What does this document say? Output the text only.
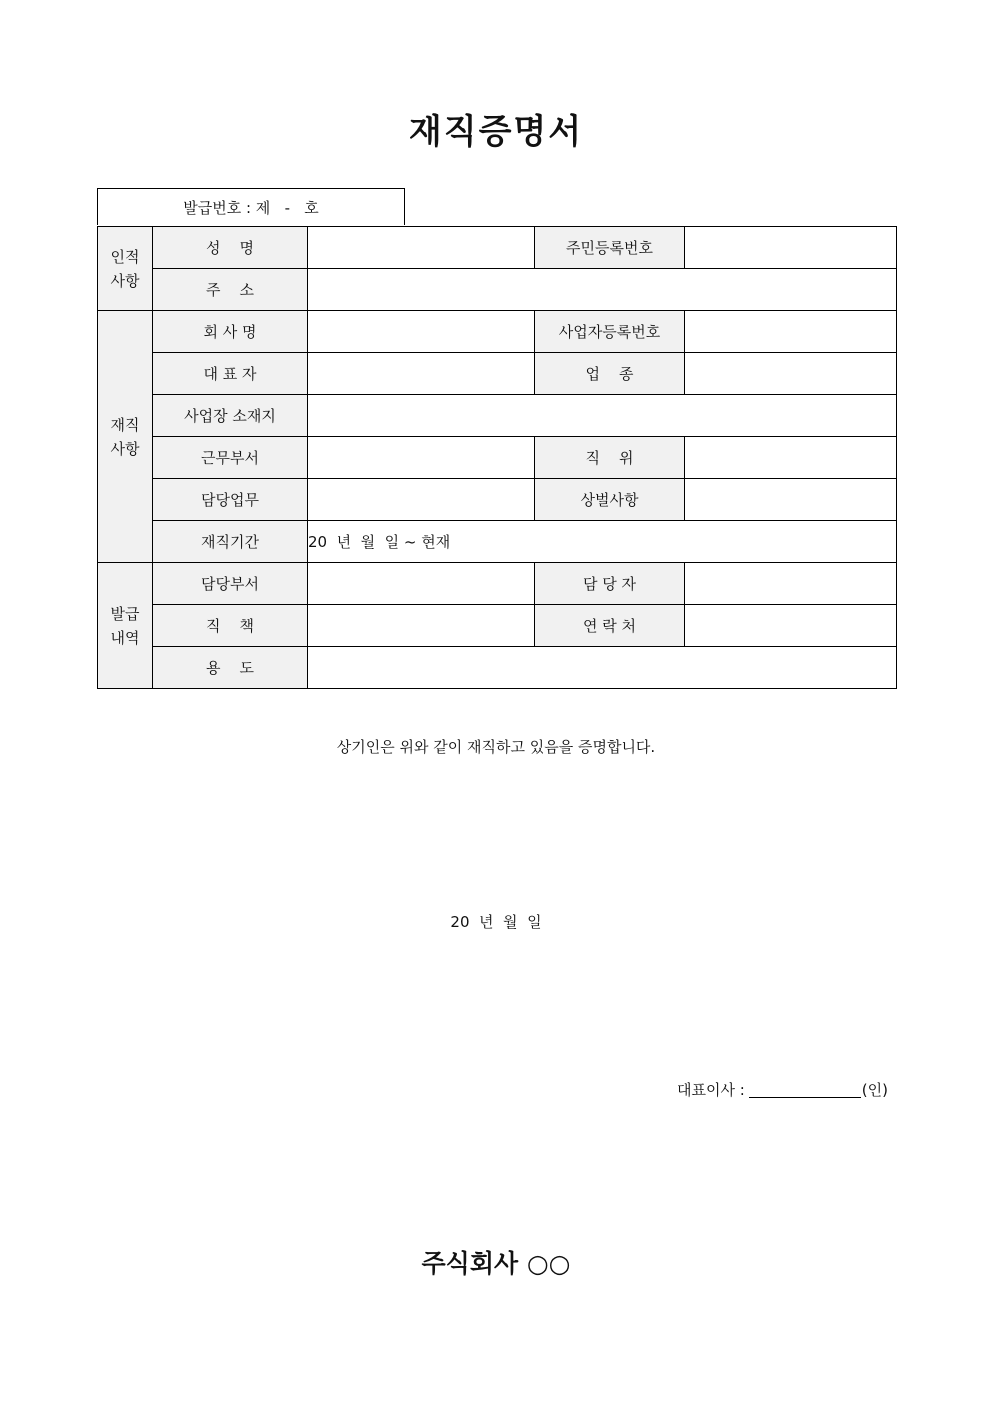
재직증명서
발급번호 : 제   -   호
인적
사항	성    명		주민등록번호	
	주    소			
재직
사항	회 사 명		사업자등록번호	
	대 표 자		업    종	
	사업장 소재지			
	근무부서		직    위	
	담당업무		상벌사항	
	재직기간	20  년  월  일 ~ 현재		
발급
내역	담당부서		담 당 자	
	직    책		연 락 처	
	용    도			
상기인은 위와 같이 재직하고 있음을 증명합니다.
20  년  월  일
대표이사 :	(인)
주식회사 ○○
